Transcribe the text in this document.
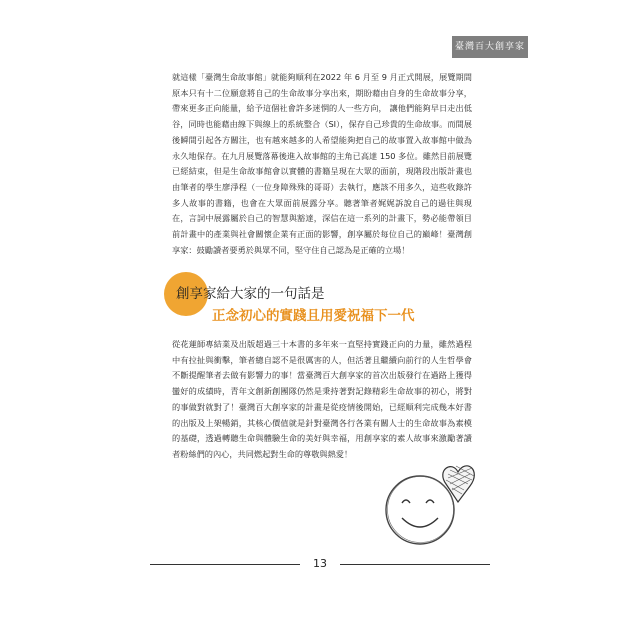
臺灣百大創享家

就這樣「臺灣生命故事館」就能夠順利在2022 年 6 月至 9 月正式開展，展覽期間原本只有十二位願意將自己的生命故事分享出來，期盼藉由自身的生命故事分享，帶來更多正向能量，給予這個社會許多迷惘的人一些方向， 讓他們能夠早日走出低谷，同時也能藉由線下與線上的系統整合（SI），保存自己珍貴的生命故事。而間展後瞬間引起各方關注，也有越來越多的人希望能夠把自己的故事置入故事館中做為永久地保存。在九月展覽落幕後進入故事館的主角已高達 150 多位。雖然目前展覽已經結束，但是生命故事館會以實體的書籍呈現在大眾的面前，現階段出版計畫也由筆者的學生廖淨程（一位身障殊殊的哥哥）去執行，應該不用多久，這些收錄許多人故事的書籍，也會在大眾面前展露分享。聽著筆者娓娓訴說自己的過往與現在，言詞中展露屬於自己的智慧與豁達，深信在這一系列的計畫下，勢必能帶領目前計畫中的產業與社會關懷企業有正面的影響，創享屬於每位自己的巔峰！臺灣創享家：鼓勵讀者要勇於與眾不同，堅守住自己認為是正確的立場！

創享家給大家的一句話是
正念初心的實踐且用愛祝福下一代

從花蓮師專結業及出版超過三十本書的多年來一直堅持實踐正向的力量，雖然過程中有拉扯與衝擊，筆者總自認不是很厲害的人，但活著且繼續向前行的人生哲學會不斷提醒筆者去做有影響力的事！當臺灣百大創享家的首次出版發行在過路上獲得蠻好的成績時，青年文創新創團隊仍然是秉持著對記錄精彩生命故事的初心，將對的事做對就對了！臺灣百大創享家的計畫是從疫情後開始，已經順利完成幾本好書的出版及上架暢銷，其核心價值就是針對臺灣各行各業有關人士的生命故事為素模的基礎，透過轉聽生命與體驗生命的美好與幸福，用創享家的素人故事來激勵著讀者粉絲們的內心，共同燃起對生命的尊敬與熱愛！

13
